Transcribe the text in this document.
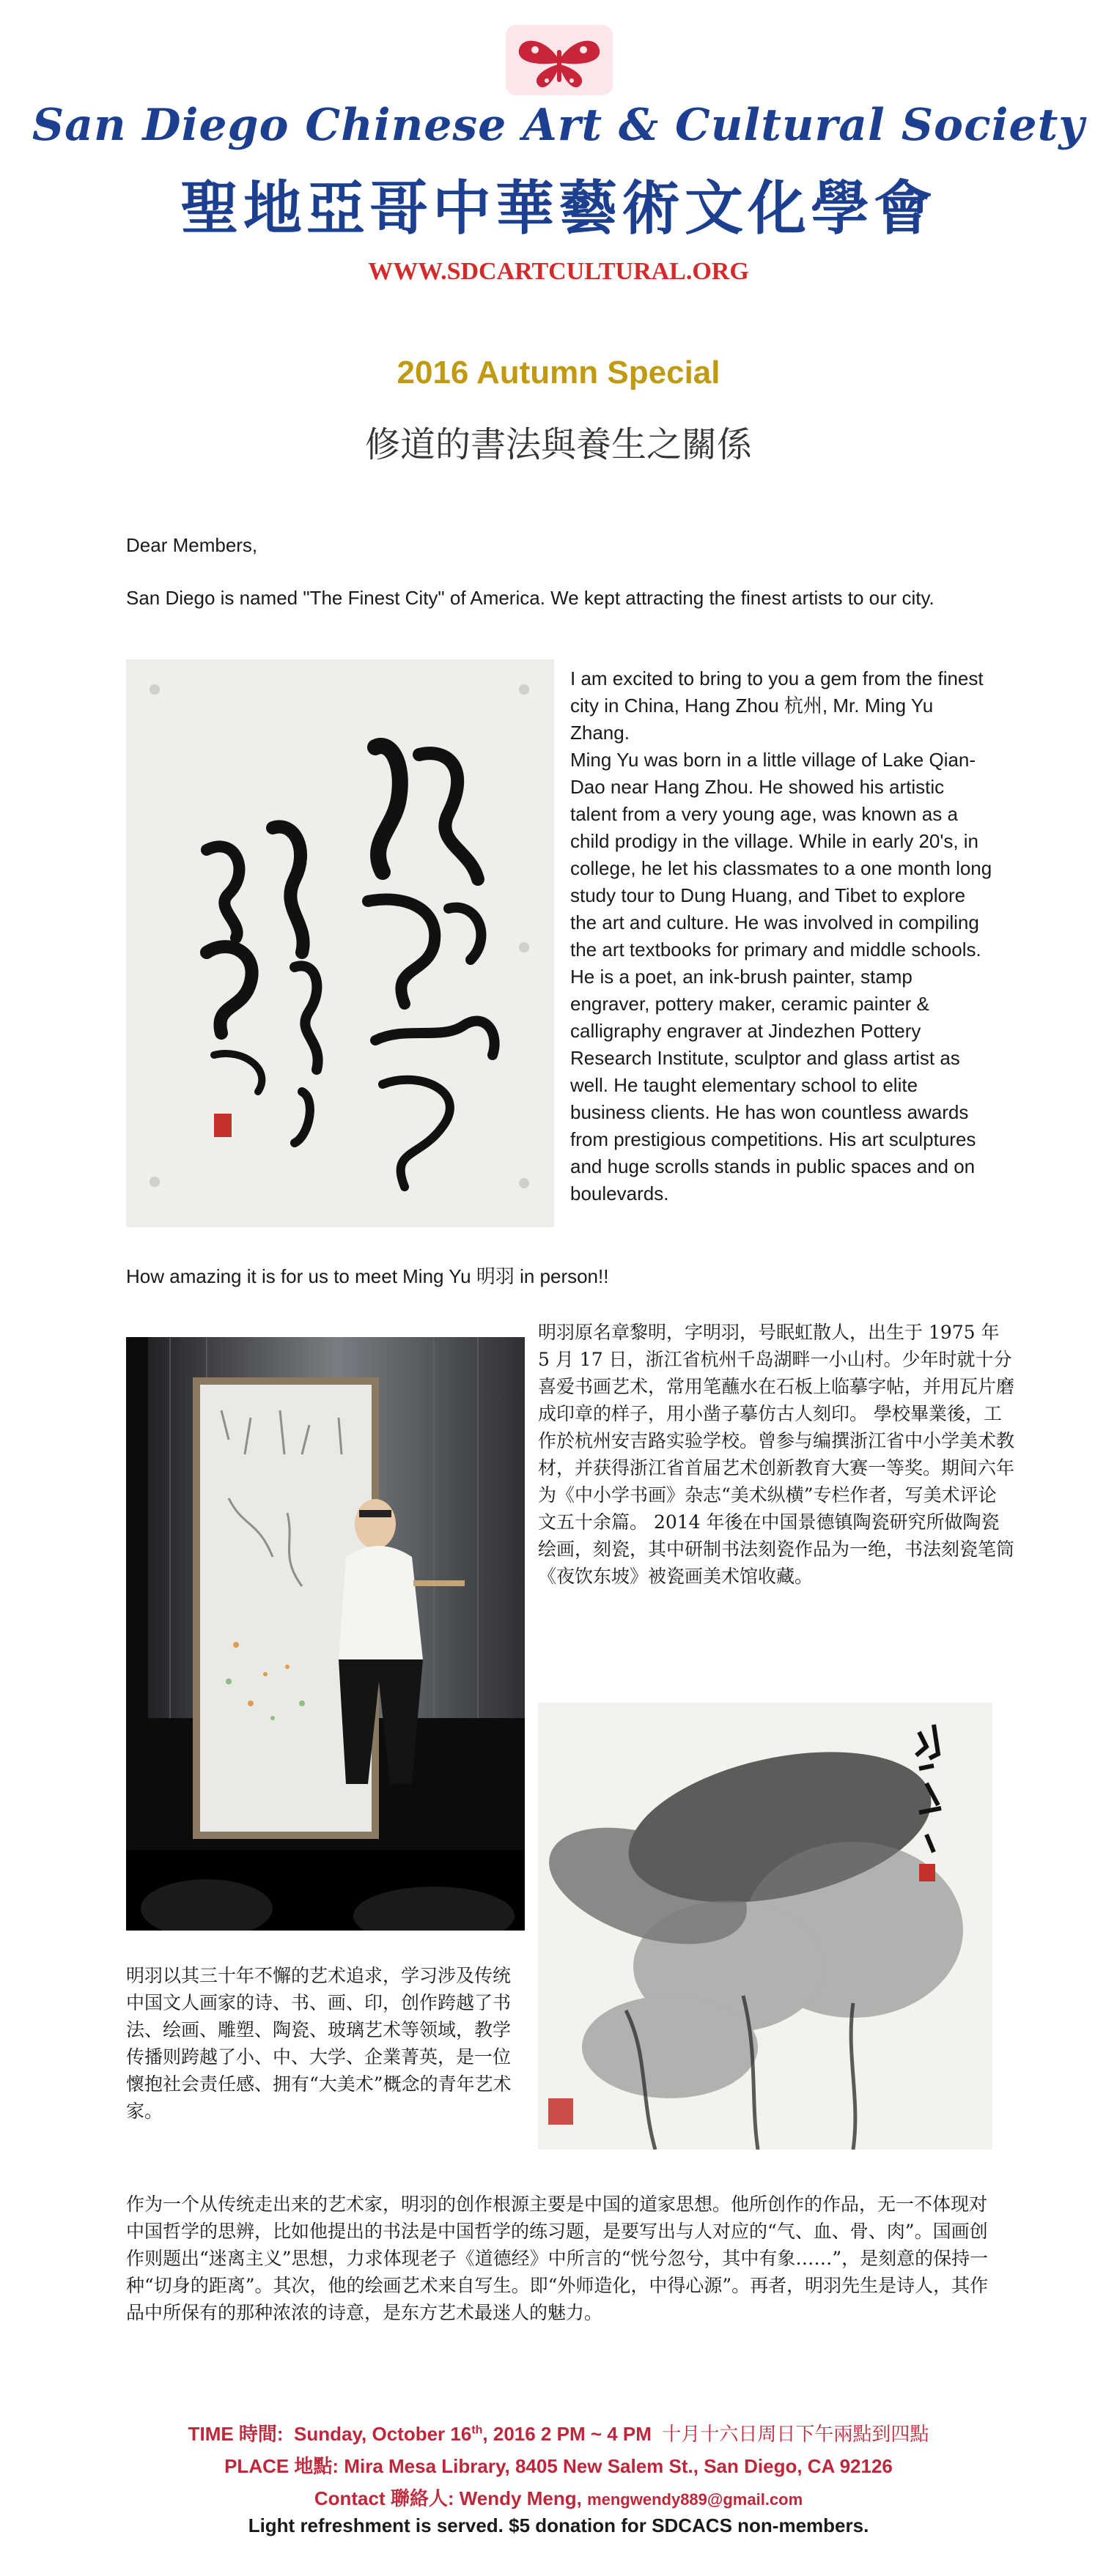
San Diego Chinese Art & Cultural Society
聖地亞哥中華藝術文化學會
WWW.SDCARTCULTURAL.ORG
2016 Autumn Special
修道的書法與養生之關係
Dear Members,
San Diego is named "The Finest City" of America. We kept attracting the finest artists to our city.
I am excited to bring to you a gem from the finest city in China, Hang Zhou 杭州, Mr. Ming Yu Zhang.
Ming Yu was born in a little village of Lake Qian-Dao near Hang Zhou. He showed his artistic talent from a very young age, was known as a child prodigy in the village. While in early 20's, in college, he let his classmates to a one month long study tour to Dung Huang, and Tibet to explore the art and culture. He was involved in compiling the art textbooks for primary and middle schools. He is a poet, an ink-brush painter, stamp engraver, pottery maker, ceramic painter & calligraphy engraver at Jindezhen Pottery Research Institute, sculptor and glass artist as well. He taught elementary school to elite business clients. He has won countless awards from prestigious competitions. His art sculptures and huge scrolls stands in public spaces and on boulevards.
How amazing it is for us to meet Ming Yu 明羽 in person!!
明羽原名章黎明，字明羽，号眠虹散人，出生于 1975 年 5 月 17 日，浙江省杭州千岛湖畔一小山村。少年时就十分喜爱书画艺术，常用笔蘸水在石板上临摹字帖，并用瓦片磨成印章的样子，用小凿子摹仿古人刻印。 學校畢業後，工作於杭州安吉路实验学校。曾参与编撰浙江省中小学美术教材，并获得浙江省首届艺术创新教育大赛一等奖。期间六年为《中小学书画》杂志“美术纵横”专栏作者，写美术评论文五十余篇。 2014 年後在中国景德镇陶瓷研究所做陶瓷绘画，刻瓷，其中研制书法刻瓷作品为一绝，书法刻瓷笔筒《夜饮东坡》被瓷画美术馆收藏。
明羽以其三十年不懈的艺术追求，学习涉及传统中国文人画家的诗、书、画、印，创作跨越了书法、绘画、雕塑、陶瓷、玻璃艺术等领域，教学传播则跨越了小、中、大学、企業菁英，是一位懷抱社会责任感、拥有“大美术”概念的青年艺术家。
作为一个从传统走出来的艺术家，明羽的创作根源主要是中国的道家思想。他所创作的作品，无一不体现对中国哲学的思辨，比如他提出的书法是中国哲学的练习题，是要写出与人对应的“气、血、骨、肉”。国画创作则题出“迷离主义”思想，力求体现老子《道德经》中所言的“恍兮忽兮，其中有象……”，是刻意的保持一种“切身的距离”。其次，他的绘画艺术来自写生。即“外师造化，中得心源”。再者，明羽先生是诗人，其作品中所保有的那种浓浓的诗意，是东方艺术最迷人的魅力。
TIME 時間: Sunday, October 16th, 2016 2 PM ~ 4 PM 十月十六日周日下午兩點到四點
PLACE 地點: Mira Mesa Library, 8405 New Salem St., San Diego, CA 92126
Contact 聯絡人: Wendy Meng, mengwendy889@gmail.com
Light refreshment is served. $5 donation for SDCACS non-members.
